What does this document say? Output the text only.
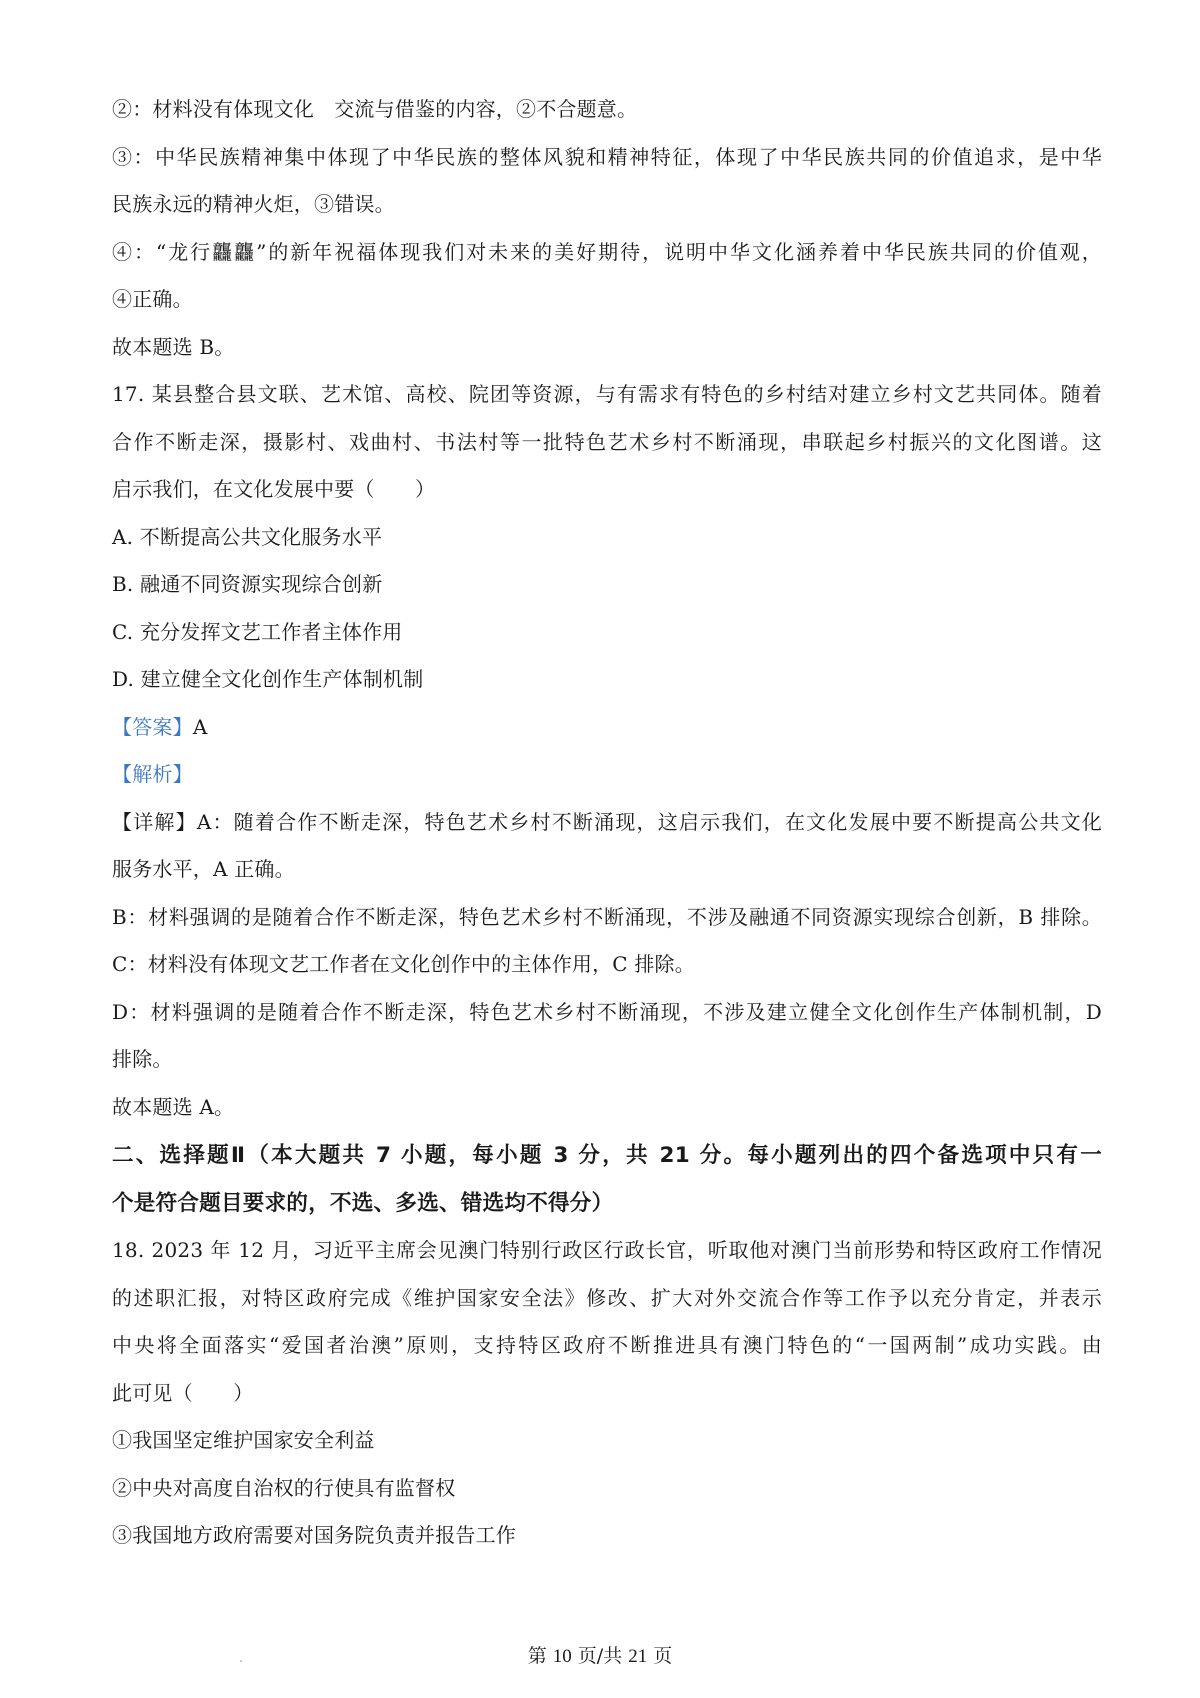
②：材料没有体现文化　交流与借鉴的内容，②不合题意。
③：中华民族精神集中体现了中华民族的整体风貌和精神特征，体现了中华民族共同的价值追求，是中华
民族永远的精神火炬，③错误。
④：“龙行龘龘”的新年祝福体现我们对未来的美好期待，说明中华文化涵养着中华民族共同的价值观，
④正确。
故本题选 B。
17. 某县整合县文联、艺术馆、高校、院团等资源，与有需求有特色的乡村结对建立乡村文艺共同体。随着
合作不断走深，摄影村、戏曲村、书法村等一批特色艺术乡村不断涌现，串联起乡村振兴的文化图谱。这
启示我们，在文化发展中要（　　）
A. 不断提高公共文化服务水平
B. 融通不同资源实现综合创新
C. 充分发挥文艺工作者主体作用
D. 建立健全文化创作生产体制机制
【答案】A
【解析】
【详解】A：随着合作不断走深，特色艺术乡村不断涌现，这启示我们，在文化发展中要不断提高公共文化
服务水平，A 正确。
B：材料强调的是随着合作不断走深，特色艺术乡村不断涌现，不涉及融通不同资源实现综合创新，B 排除。
C：材料没有体现文艺工作者在文化创作中的主体作用，C 排除。
D：材料强调的是随着合作不断走深，特色艺术乡村不断涌现，不涉及建立健全文化创作生产体制机制，D
排除。
故本题选 A。
二、选择题Ⅱ（本大题共 7 小题，每小题 3 分，共 21 分。每小题列出的四个备选项中只有一
个是符合题目要求的，不选、多选、错选均不得分）
18. 2023 年 12 月，习近平主席会见澳门特别行政区行政长官，听取他对澳门当前形势和特区政府工作情况
的述职汇报，对特区政府完成《维护国家安全法》修改、扩大对外交流合作等工作予以充分肯定，并表示
中央将全面落实“爱国者治澳”原则，支持特区政府不断推进具有澳门特色的“一国两制”成功实践。由
此可见（　　）
①我国坚定维护国家安全利益
②中央对高度自治权的行使具有监督权
③我国地方政府需要对国务院负责并报告工作
第 10 页/共 21 页
